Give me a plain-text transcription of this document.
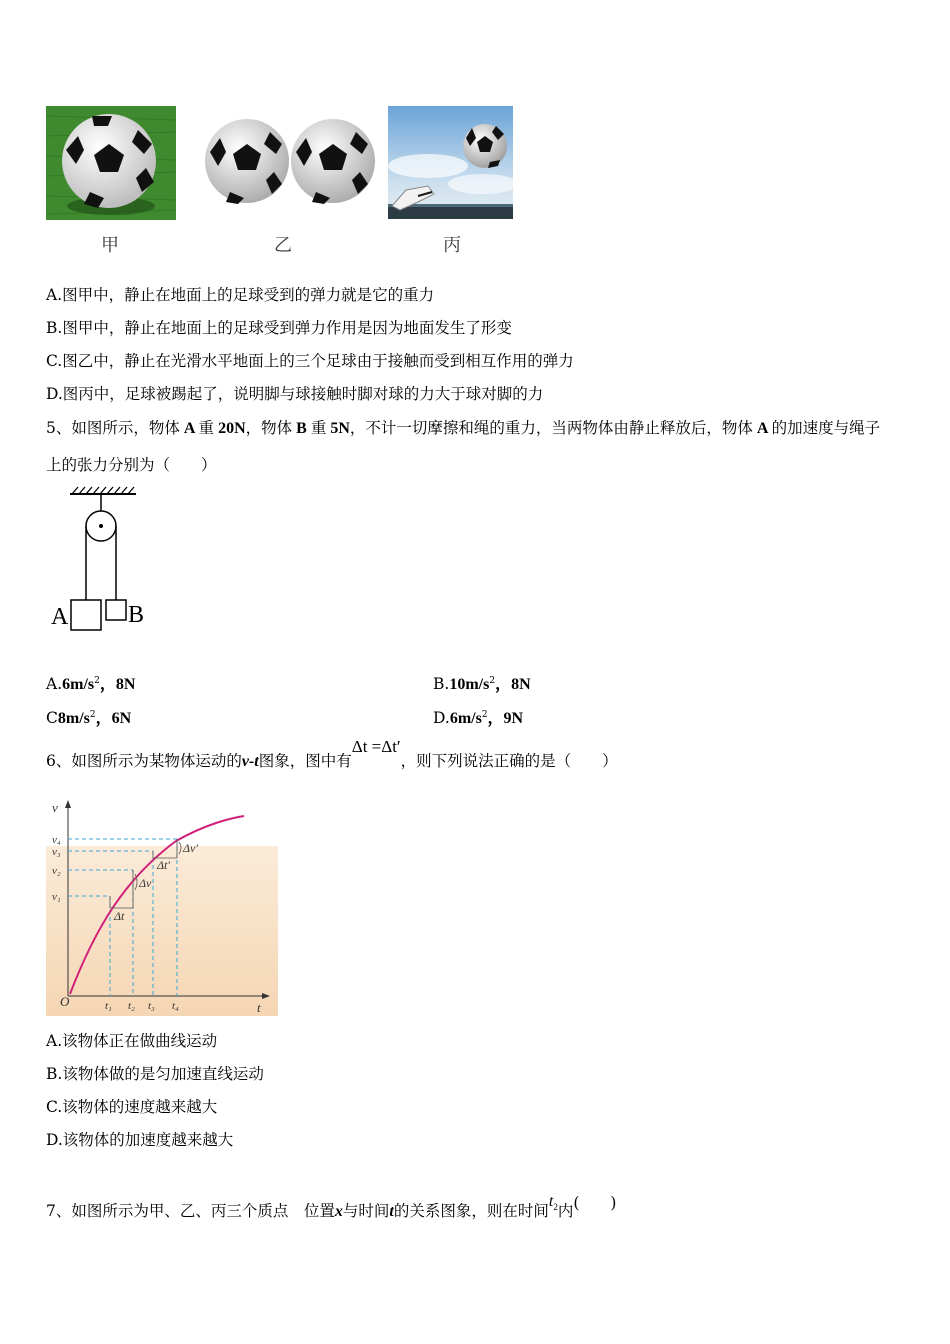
甲	乙	丙
A.图甲中，静止在地面上的足球受到的弹力就是它的重力
B.图甲中，静止在地面上的足球受到弹力作用是因为地面发生了形变
C.图乙中，静止在光滑水平地面上的三个足球由于接触而受到相互作用的弹力
D.图丙中，足球被踢起了，说明脚与球接触时脚对球的力大于球对脚的力
5、如图所示，物体 A 重 20N，物体 B 重 5N，不计一切摩擦和绳的重力，当两物体由静止释放后，物体 A 的加速度与绳子
上的张力分别为（　　）
A B
$A.6m/s^2$，8N	$B.10m/s^2$，8N
$C8m/s^2$，6N	$D.6m/s^2$，9N
6、如图所示为某物体运动的v-t图象，图中有Δt =Δt′，则下列说法正确的是（　　）
v
t
O
v₄
v₃
v₂
v₁
t₁ t₂ t₃ t₄
Δt
Δv
Δt′
Δv′
A.该物体正在做曲线运动
B.该物体做的是匀加速直线运动
C.该物体的速度越来越大
D.该物体的加速度越来越大
7、如图所示为甲、乙、丙三个质点　位置x与时间t的关系图象，则在时间$t_2$内(　　)
